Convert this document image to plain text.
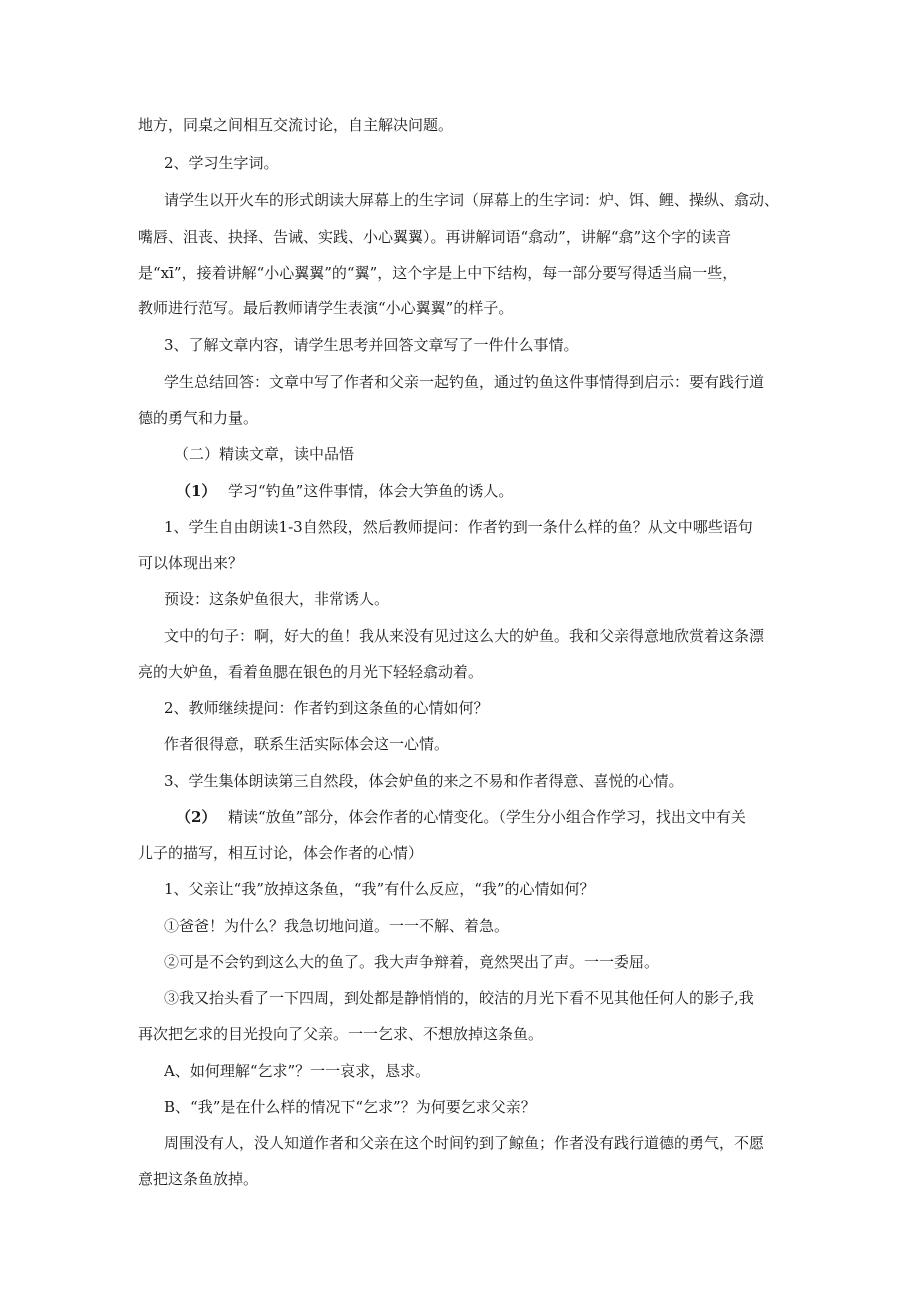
地方，同桌之间相互交流讨论，自主解决问题。
2、学习生字词。
请学生以开火车的形式朗读大屏幕上的生字词（屏幕上的生字词：炉、饵、鲤、操纵、翕动、
嘴唇、沮丧、抉择、告诫、实践、小心翼翼）。再讲解词语“翕动”，讲解“翕”这个字的读音
是“xī”，接着讲解“小心翼翼”的“翼”，这个字是上中下结构，每一部分要写得适当扁一些，
教师进行范写。最后教师请学生表演“小心翼翼”的样子。
3、了解文章内容，请学生思考并回答文章写了一件什么事情。
学生总结回答：文章中写了作者和父亲一起钓鱼，通过钓鱼这件事情得到启示：要有践行道
德的勇气和力量。
（二）精读文章，读中品悟
（1） 学习“钓鱼”这件事情，体会大笋鱼的诱人。
1、学生自由朗读1-3自然段，然后教师提问：作者钓到一条什么样的鱼？从文中哪些语句
可以体现出来？
预设：这条妒鱼很大，非常诱人。
文中的句子：啊，好大的鱼！我从来没有见过这么大的妒鱼。我和父亲得意地欣赏着这条漂
亮的大妒鱼，看着鱼腮在银色的月光下轻轻翕动着。
2、教师继续提问：作者钓到这条鱼的心情如何？
作者很得意，联系生活实际体会这一心情。
3、学生集体朗读第三自然段，体会妒鱼的来之不易和作者得意、喜悦的心情。
（2） 精读“放鱼”部分，体会作者的心情变化。（学生分小组合作学习，找出文中有关
儿子的描写，相互讨论，体会作者的心情）
1、父亲让“我”放掉这条鱼，“我”有什么反应，“我”的心情如何？
①爸爸！为什么？我急切地问道。一一不解、着急。
②可是不会钓到这么大的鱼了。我大声争辩着，竟然哭出了声。一一委屈。
③我又抬头看了一下四周，到处都是静悄悄的，皎洁的月光下看不见其他任何人的影子,我
再次把乞求的目光投向了父亲。一一乞求、不想放掉这条鱼。
A、如何理解“乞求”？一一哀求，恳求。
B、“我”是在什么样的情况下“乞求”？为何要乞求父亲？
周围没有人，没人知道作者和父亲在这个时间钓到了鲸鱼；作者没有践行道德的勇气，不愿
意把这条鱼放掉。
